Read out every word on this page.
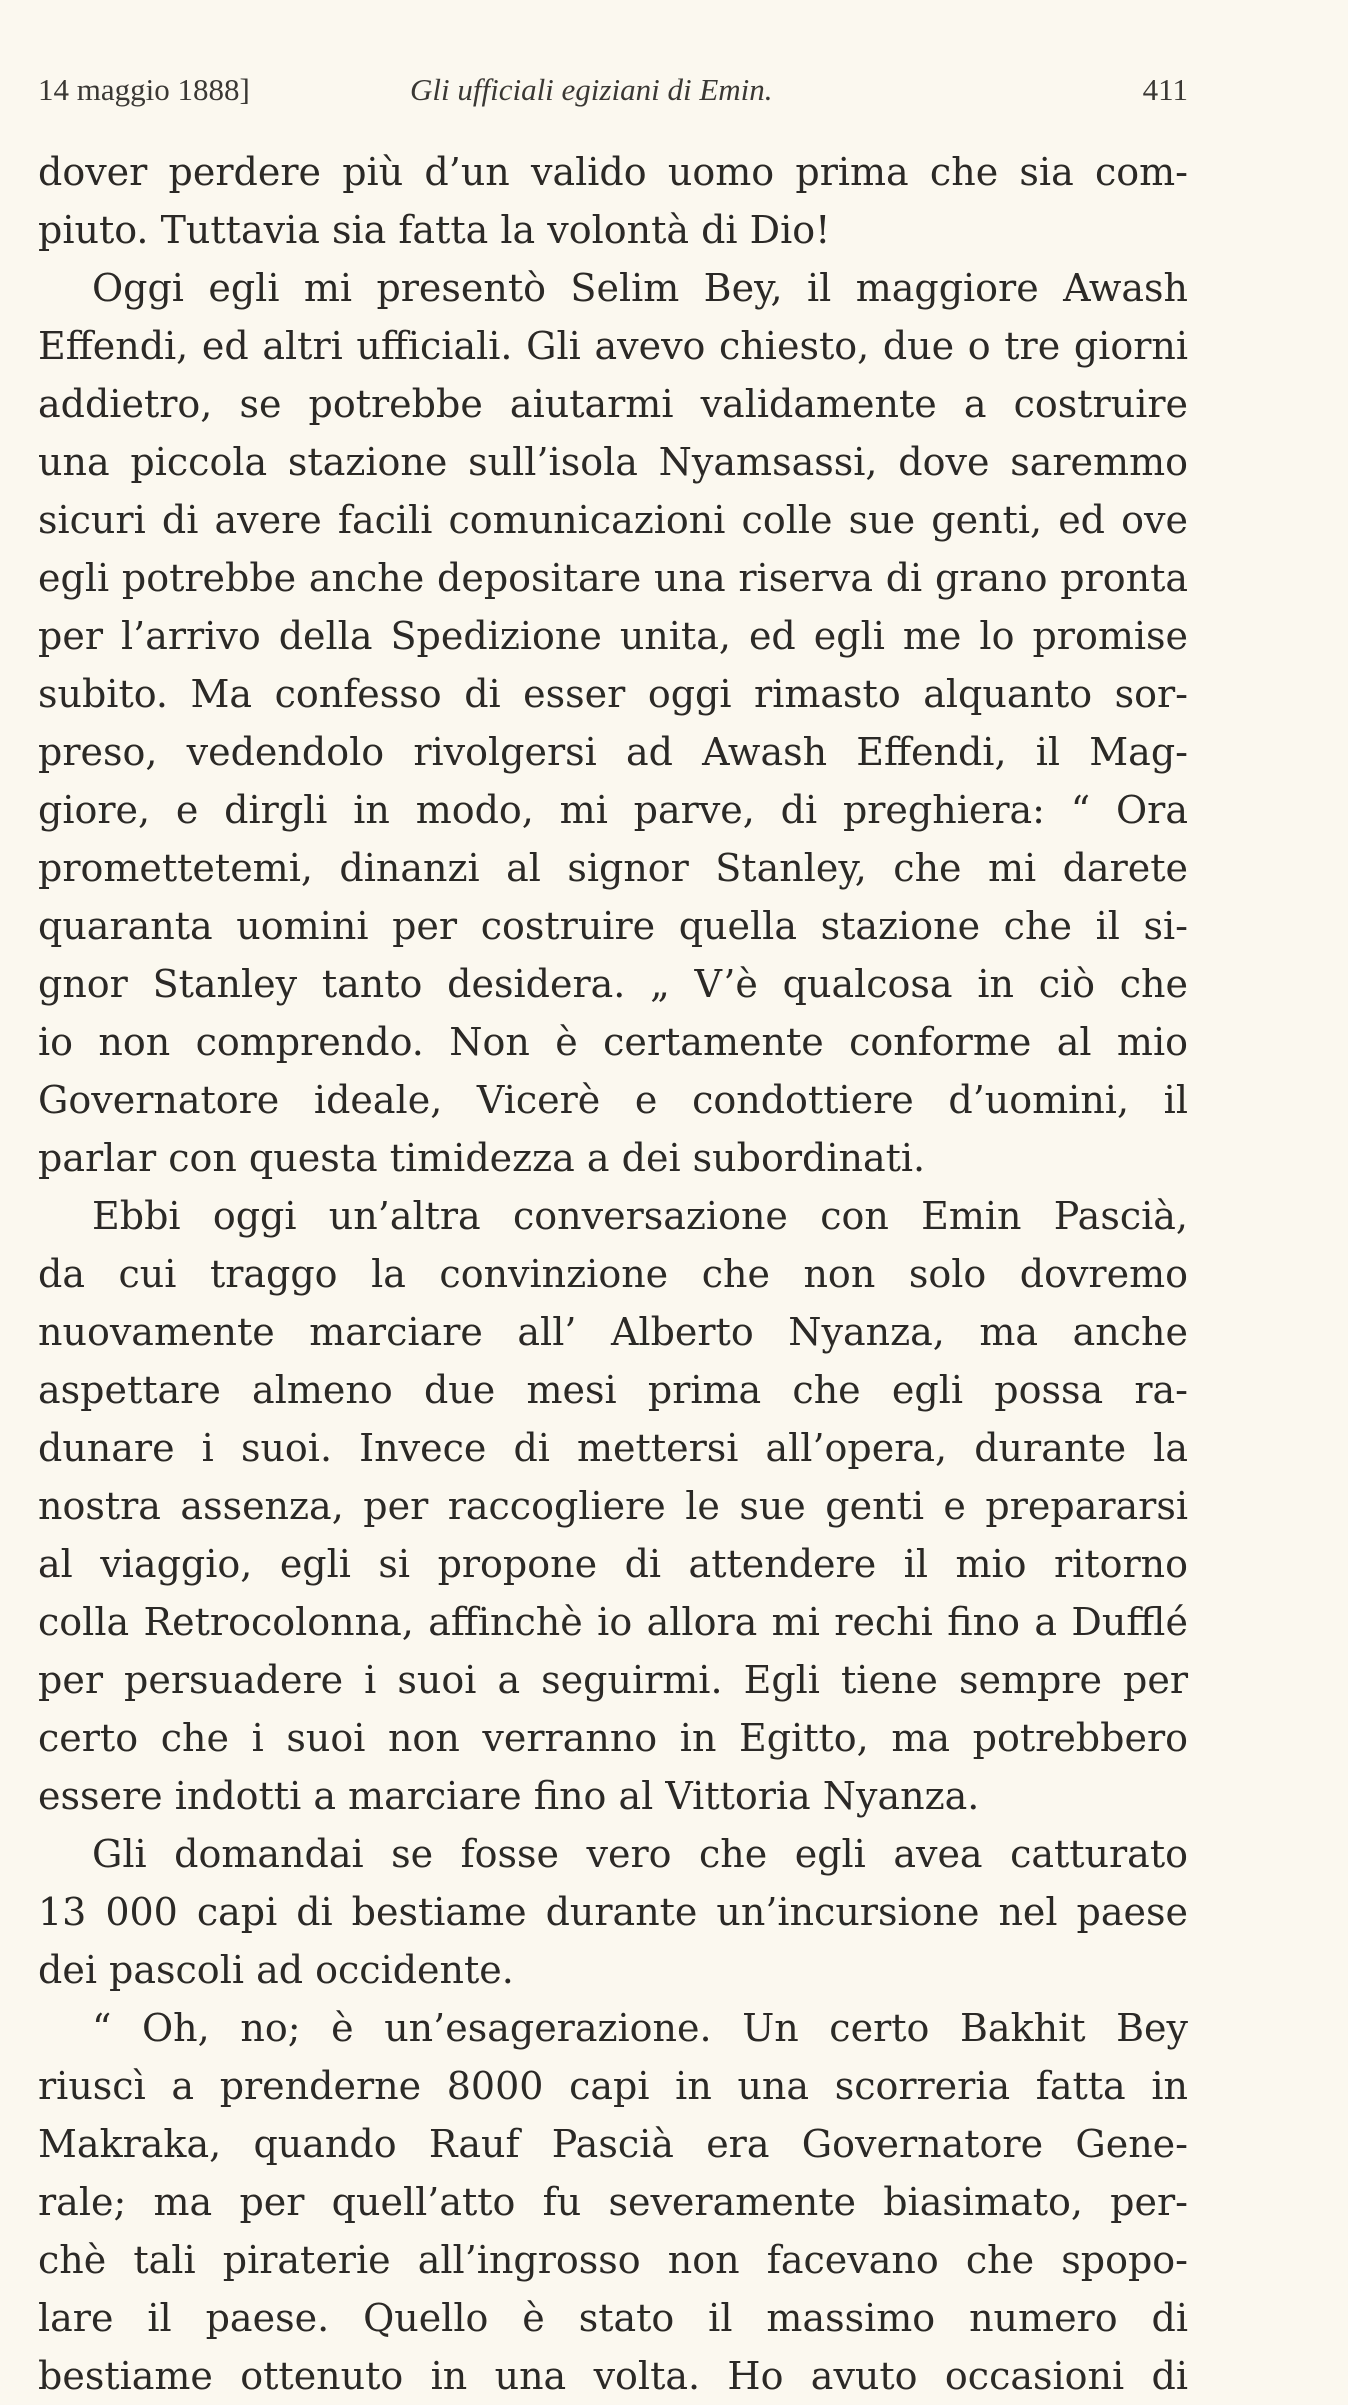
14 maggio 1888]	Gli ufficiali egiziani di Emin.	411
dover perdere più d’un valido uomo prima che sia com-
piuto. Tuttavia sia fatta la volontà di Dio!
Oggi egli mi presentò Selim Bey, il maggiore Awash
Effendi, ed altri ufficiali. Gli avevo chiesto, due o tre giorni
addietro, se potrebbe aiutarmi validamente a costruire
una piccola stazione sull’isola Nyamsassi, dove saremmo
sicuri di avere facili comunicazioni colle sue genti, ed ove
egli potrebbe anche depositare una riserva di grano pronta
per l’arrivo della Spedizione unita, ed egli me lo promise
subito. Ma confesso di esser oggi rimasto alquanto sor-
preso, vedendolo rivolgersi ad Awash Effendi, il Mag-
giore, e dirgli in modo, mi parve, di preghiera: “ Ora
promettetemi, dinanzi al signor Stanley, che mi darete
quaranta uomini per costruire quella stazione che il si-
gnor Stanley tanto desidera. „ V’è qualcosa in ciò che
io non comprendo. Non è certamente conforme al mio
Governatore ideale, Vicerè e condottiere d’uomini, il
parlar con questa timidezza a dei subordinati.
Ebbi oggi un’altra conversazione con Emin Pascià,
da cui traggo la convinzione che non solo dovremo
nuovamente marciare all’ Alberto Nyanza, ma anche
aspettare almeno due mesi prima che egli possa ra-
dunare i suoi. Invece di mettersi all’opera, durante la
nostra assenza, per raccogliere le sue genti e prepararsi
al viaggio, egli si propone di attendere il mio ritorno
colla Retrocolonna, affinchè io allora mi rechi fino a Dufflé
per persuadere i suoi a seguirmi. Egli tiene sempre per
certo che i suoi non verranno in Egitto, ma potrebbero
essere indotti a marciare fino al Vittoria Nyanza.
Gli domandai se fosse vero che egli avea catturato
13 000 capi di bestiame durante un’incursione nel paese
dei pascoli ad occidente.
“ Oh, no; è un’esagerazione. Un certo Bakhit Bey
riuscì a prenderne 8000 capi in una scorreria fatta in
Makraka, quando Rauf Pascià era Governatore Gene-
rale; ma per quell’atto fu severamente biasimato, per-
chè tali piraterie all’ingrosso non facevano che spopo-
lare il paese. Quello è stato il massimo numero di
bestiame ottenuto in una volta. Ho avuto occasioni di
